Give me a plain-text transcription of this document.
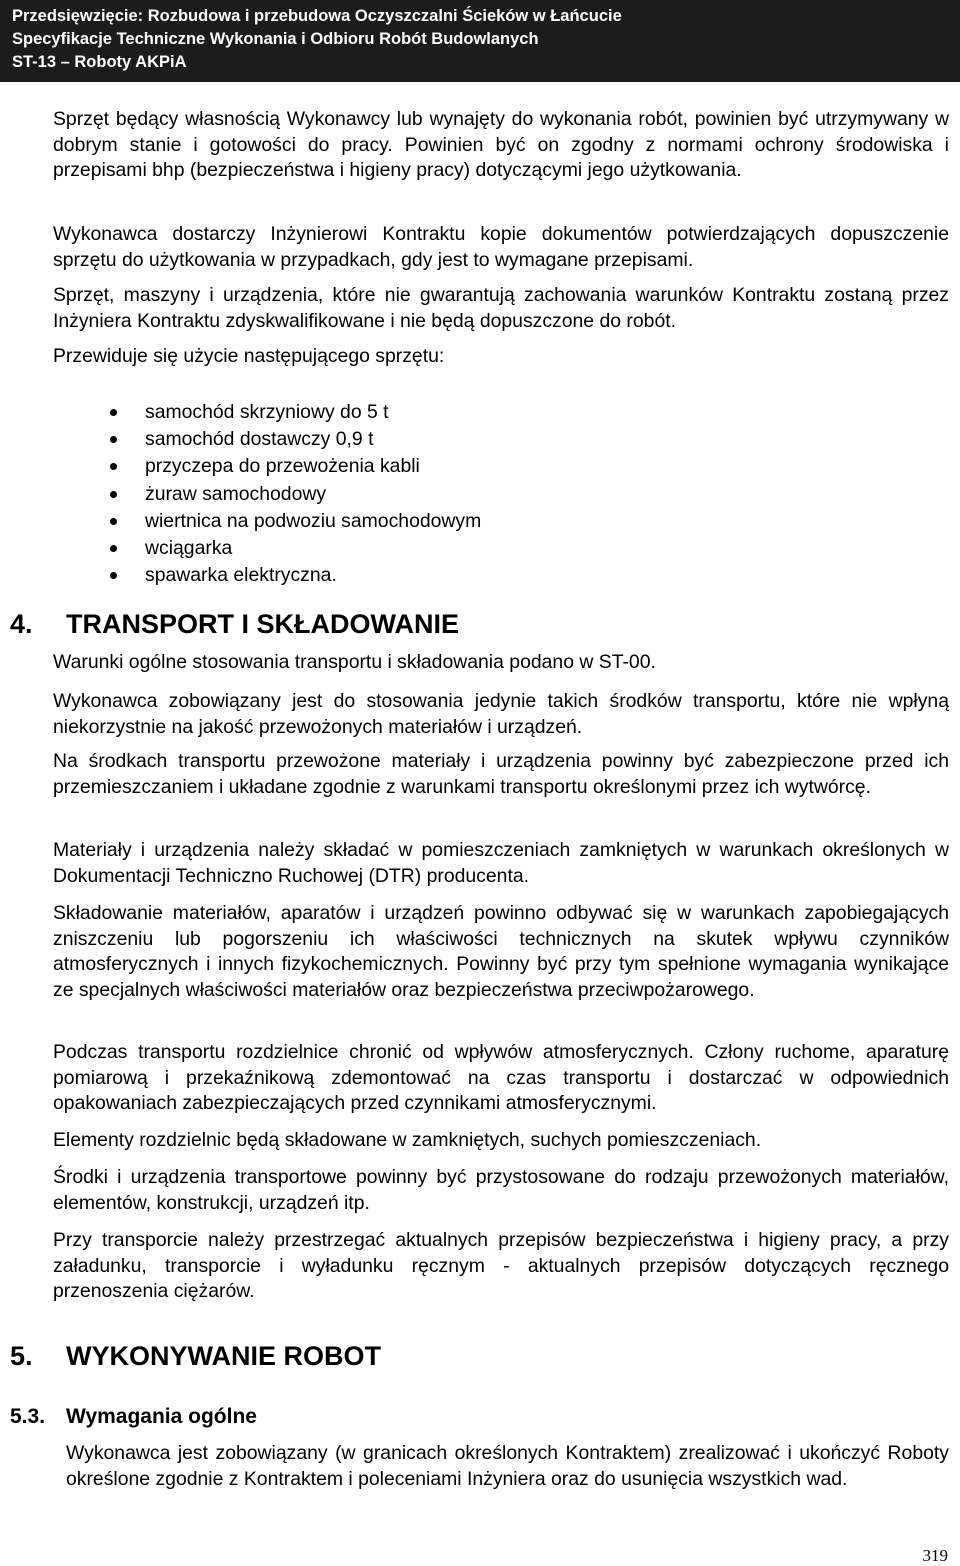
Przedsięwzięcie: Rozbudowa i przebudowa Oczyszczalni Ścieków w Łańcucie
Specyfikacje Techniczne Wykonania i Odbioru Robót Budowlanych
ST-13 – Roboty AKPiA

Sprzęt będący własnością Wykonawcy lub wynajęty do wykonania robót, powinien być utrzymywany w dobrym stanie i gotowości do pracy. Powinien być on zgodny z normami ochrony środowiska i przepisami bhp (bezpieczeństwa i higieny pracy) dotyczącymi jego użytkowania.

Wykonawca dostarczy Inżynierowi Kontraktu kopie dokumentów potwierdzających dopuszczenie sprzętu do użytkowania w przypadkach, gdy jest to wymagane przepisami.

Sprzęt, maszyny i urządzenia, które nie gwarantują zachowania warunków Kontraktu zostaną przez Inżyniera Kontraktu zdyskwalifikowane i nie będą dopuszczone do robót.

Przewiduje się użycie następującego sprzętu:

samochód skrzyniowy do 5 t
samochód dostawczy 0,9 t
przyczepa do przewożenia kabli
żuraw samochodowy
wiertnica na podwoziu samochodowym
wciągarka
spawarka elektryczna.
4. TRANSPORT I SKŁADOWANIE

Warunki ogólne stosowania transportu i składowania podano w ST-00.

Wykonawca zobowiązany jest do stosowania jedynie takich środków transportu, które nie wpłyną niekorzystnie na jakość przewożonych materiałów i urządzeń.

Na środkach transportu przewożone materiały i urządzenia powinny być zabezpieczone przed ich przemieszczaniem i układane zgodnie z warunkami transportu określonymi przez ich wytwórcę.

Materiały i urządzenia należy składać w pomieszczeniach zamkniętych w warunkach określonych w Dokumentacji Techniczno Ruchowej (DTR) producenta.

Składowanie materiałów, aparatów i urządzeń powinno odbywać się w warunkach zapobiegających zniszczeniu lub pogorszeniu ich właściwości technicznych na skutek wpływu czynników atmosferycznych i innych fizykochemicznych. Powinny być przy tym spełnione wymagania wynikające ze specjalnych właściwości materiałów oraz bezpieczeństwa przeciwpożarowego.

Podczas transportu rozdzielnice chronić od wpływów atmosferycznych. Człony ruchome, aparaturę pomiarową i przekaźnikową zdemontować na czas transportu i dostarczać w odpowiednich opakowaniach zabezpieczających przed czynnikami atmosferycznymi.

Elementy rozdzielnic będą składowane w zamkniętych, suchych pomieszczeniach.

Środki i urządzenia transportowe powinny być przystosowane do rodzaju przewożonych materiałów, elementów, konstrukcji, urządzeń itp.

Przy transporcie należy przestrzegać aktualnych przepisów bezpieczeństwa i higieny pracy, a przy załadunku, transporcie i wyładunku ręcznym - aktualnych przepisów dotyczących ręcznego przenoszenia ciężarów.

5. WYKONYWANIE ROBOT
5.3. Wymagania ogólne

Wykonawca jest zobowiązany (w granicach określonych Kontraktem) zrealizować i ukończyć Roboty określone zgodnie z Kontraktem i poleceniami Inżyniera oraz do usunięcia wszystkich wad.

319
